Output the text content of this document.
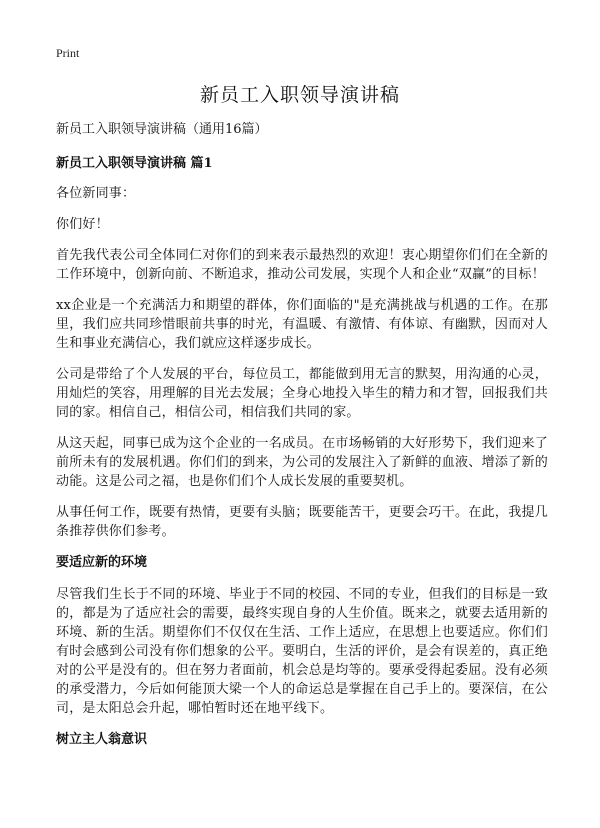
Print
新员工入职领导演讲稿
新员工入职领导演讲稿（通用16篇）
新员工入职领导演讲稿 篇1

各位新同事：

你们好！

首先我代表公司全体同仁对你们的到来表示最热烈的欢迎！衷心期望你们们在全新的工作环境中，创新向前、不断追求，推动公司发展，实现个人和企业“双赢”的目标！

xx企业是一个充满活力和期望的群体，你们面临的"是充满挑战与机遇的工作。在那里，我们应共同珍惜眼前共事的时光，有温暖、有激情、有体谅、有幽默，因而对人生和事业充满信心，我们就应这样逐步成长。

公司是带给了个人发展的平台，每位员工，都能做到用无言的默契，用沟通的心灵，用灿烂的笑容，用理解的目光去发展；全身心地投入毕生的精力和才智，回报我们共同的家。相信自己，相信公司，相信我们共同的家。

从这天起，同事已成为这个企业的一名成员。在市场畅销的大好形势下，我们迎来了前所未有的发展机遇。你们们的到来，为公司的发展注入了新鲜的血液、增添了新的动能。这是公司之福，也是你们们个人成长发展的重要契机。

从事任何工作，既要有热情，更要有头脑；既要能苦干，更要会巧干。在此，我提几条推荐供你们参考。

要适应新的环境

尽管我们生长于不同的环境、毕业于不同的校园、不同的专业，但我们的目标是一致的，都是为了适应社会的需要，最终实现自身的人生价值。既来之，就要去适用新的环境、新的生活。期望你们不仅仅在生活、工作上适应，在思想上也要适应。你们们有时会感到公司没有你们想象的公平。要明白，生活的评价，是会有误差的，真正绝对的公平是没有的。但在努力者面前，机会总是均等的。要承受得起委屈。没有必须的承受潜力，今后如何能顶大梁一个人的命运总是掌握在自己手上的。要深信，在公司，是太阳总会升起，哪怕暂时还在地平线下。

树立主人翁意识
